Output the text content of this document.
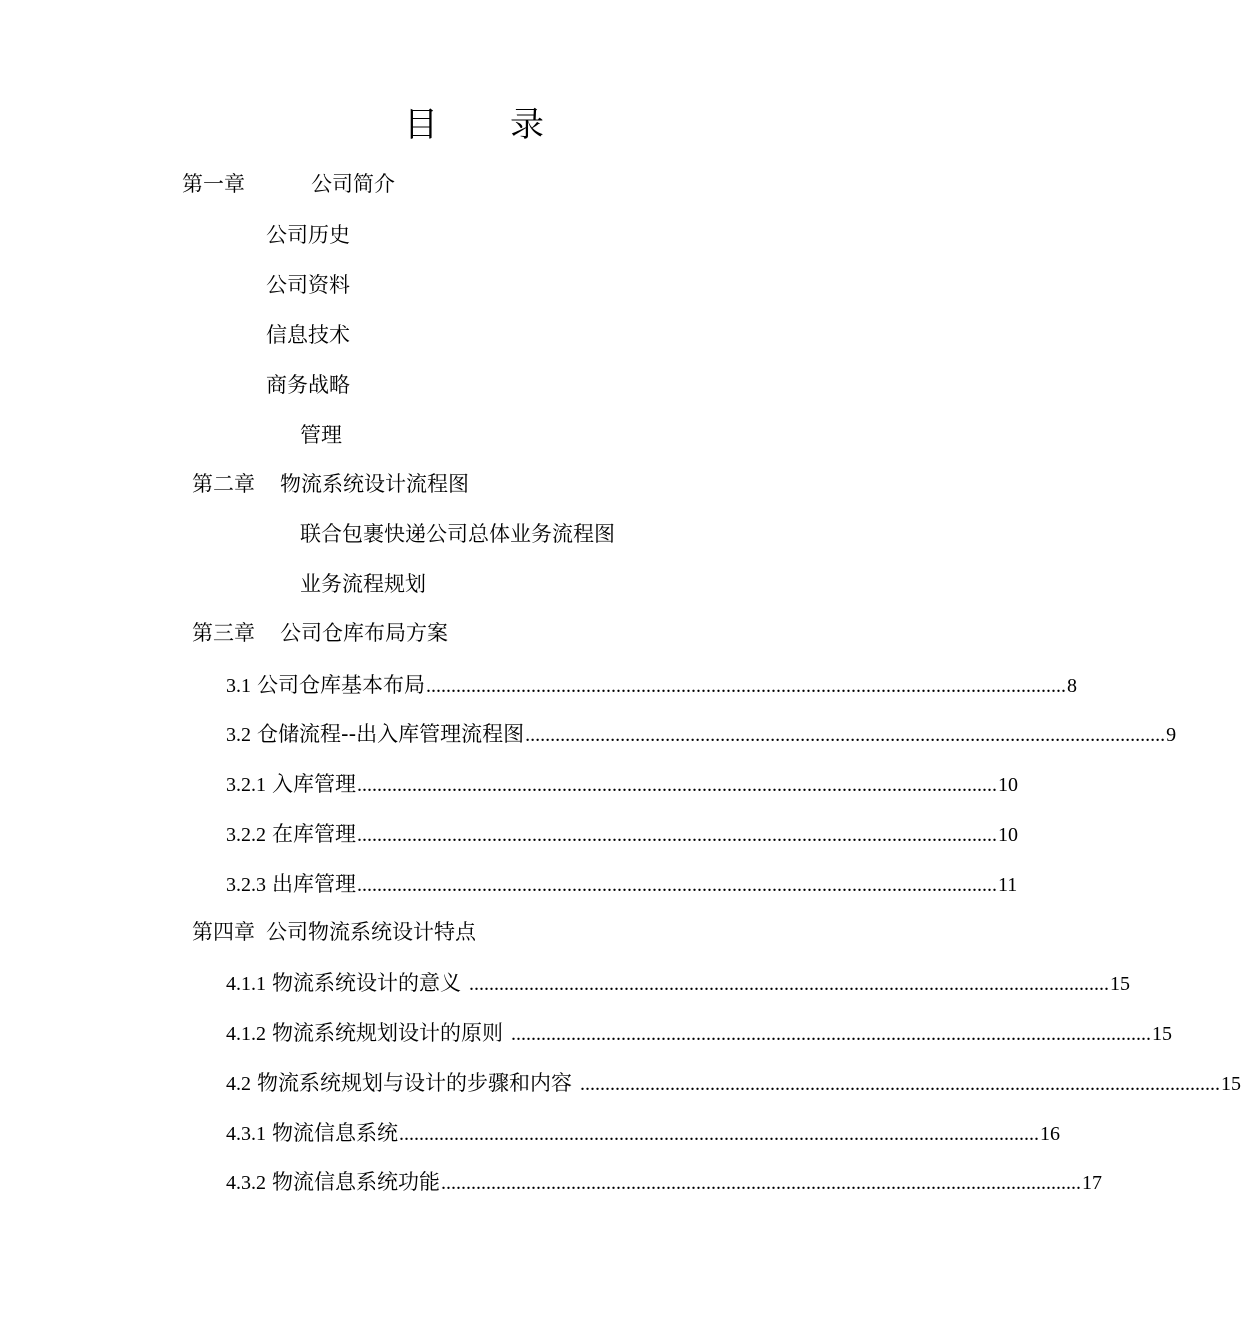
目 录
第一章	公司简介
公司历史
公司资料
信息技术
商务战略
管理
第二章 物流系统设计流程图
联合包裹快递公司总体业务流程图
业务流程规划
第三章 公司仓库布局方案
3.1 公司仓库基本布局 ................................................................................................................................ 8
3.2 仓储流程--出入库管理流程图 ................................................................................................................................ 9
3.2.1 入库管理 ................................................................................................................................ 10
3.2.2 在库管理 ................................................................................................................................ 10
3.2.3 出库管理 ................................................................................................................................ 11
第四章 公司物流系统设计特点
4.1.1 物流系统设计的意义 ................................................................................................................................ 15
4.1.2 物流系统规划设计的原则 ................................................................................................................................ 15
4.2 物流系统规划与设计的步骤和内容 ................................................................................................................................ 15
4.3.1 物流信息系统 ................................................................................................................................ 16
4.3.2 物流信息系统功能 ................................................................................................................................ 17
